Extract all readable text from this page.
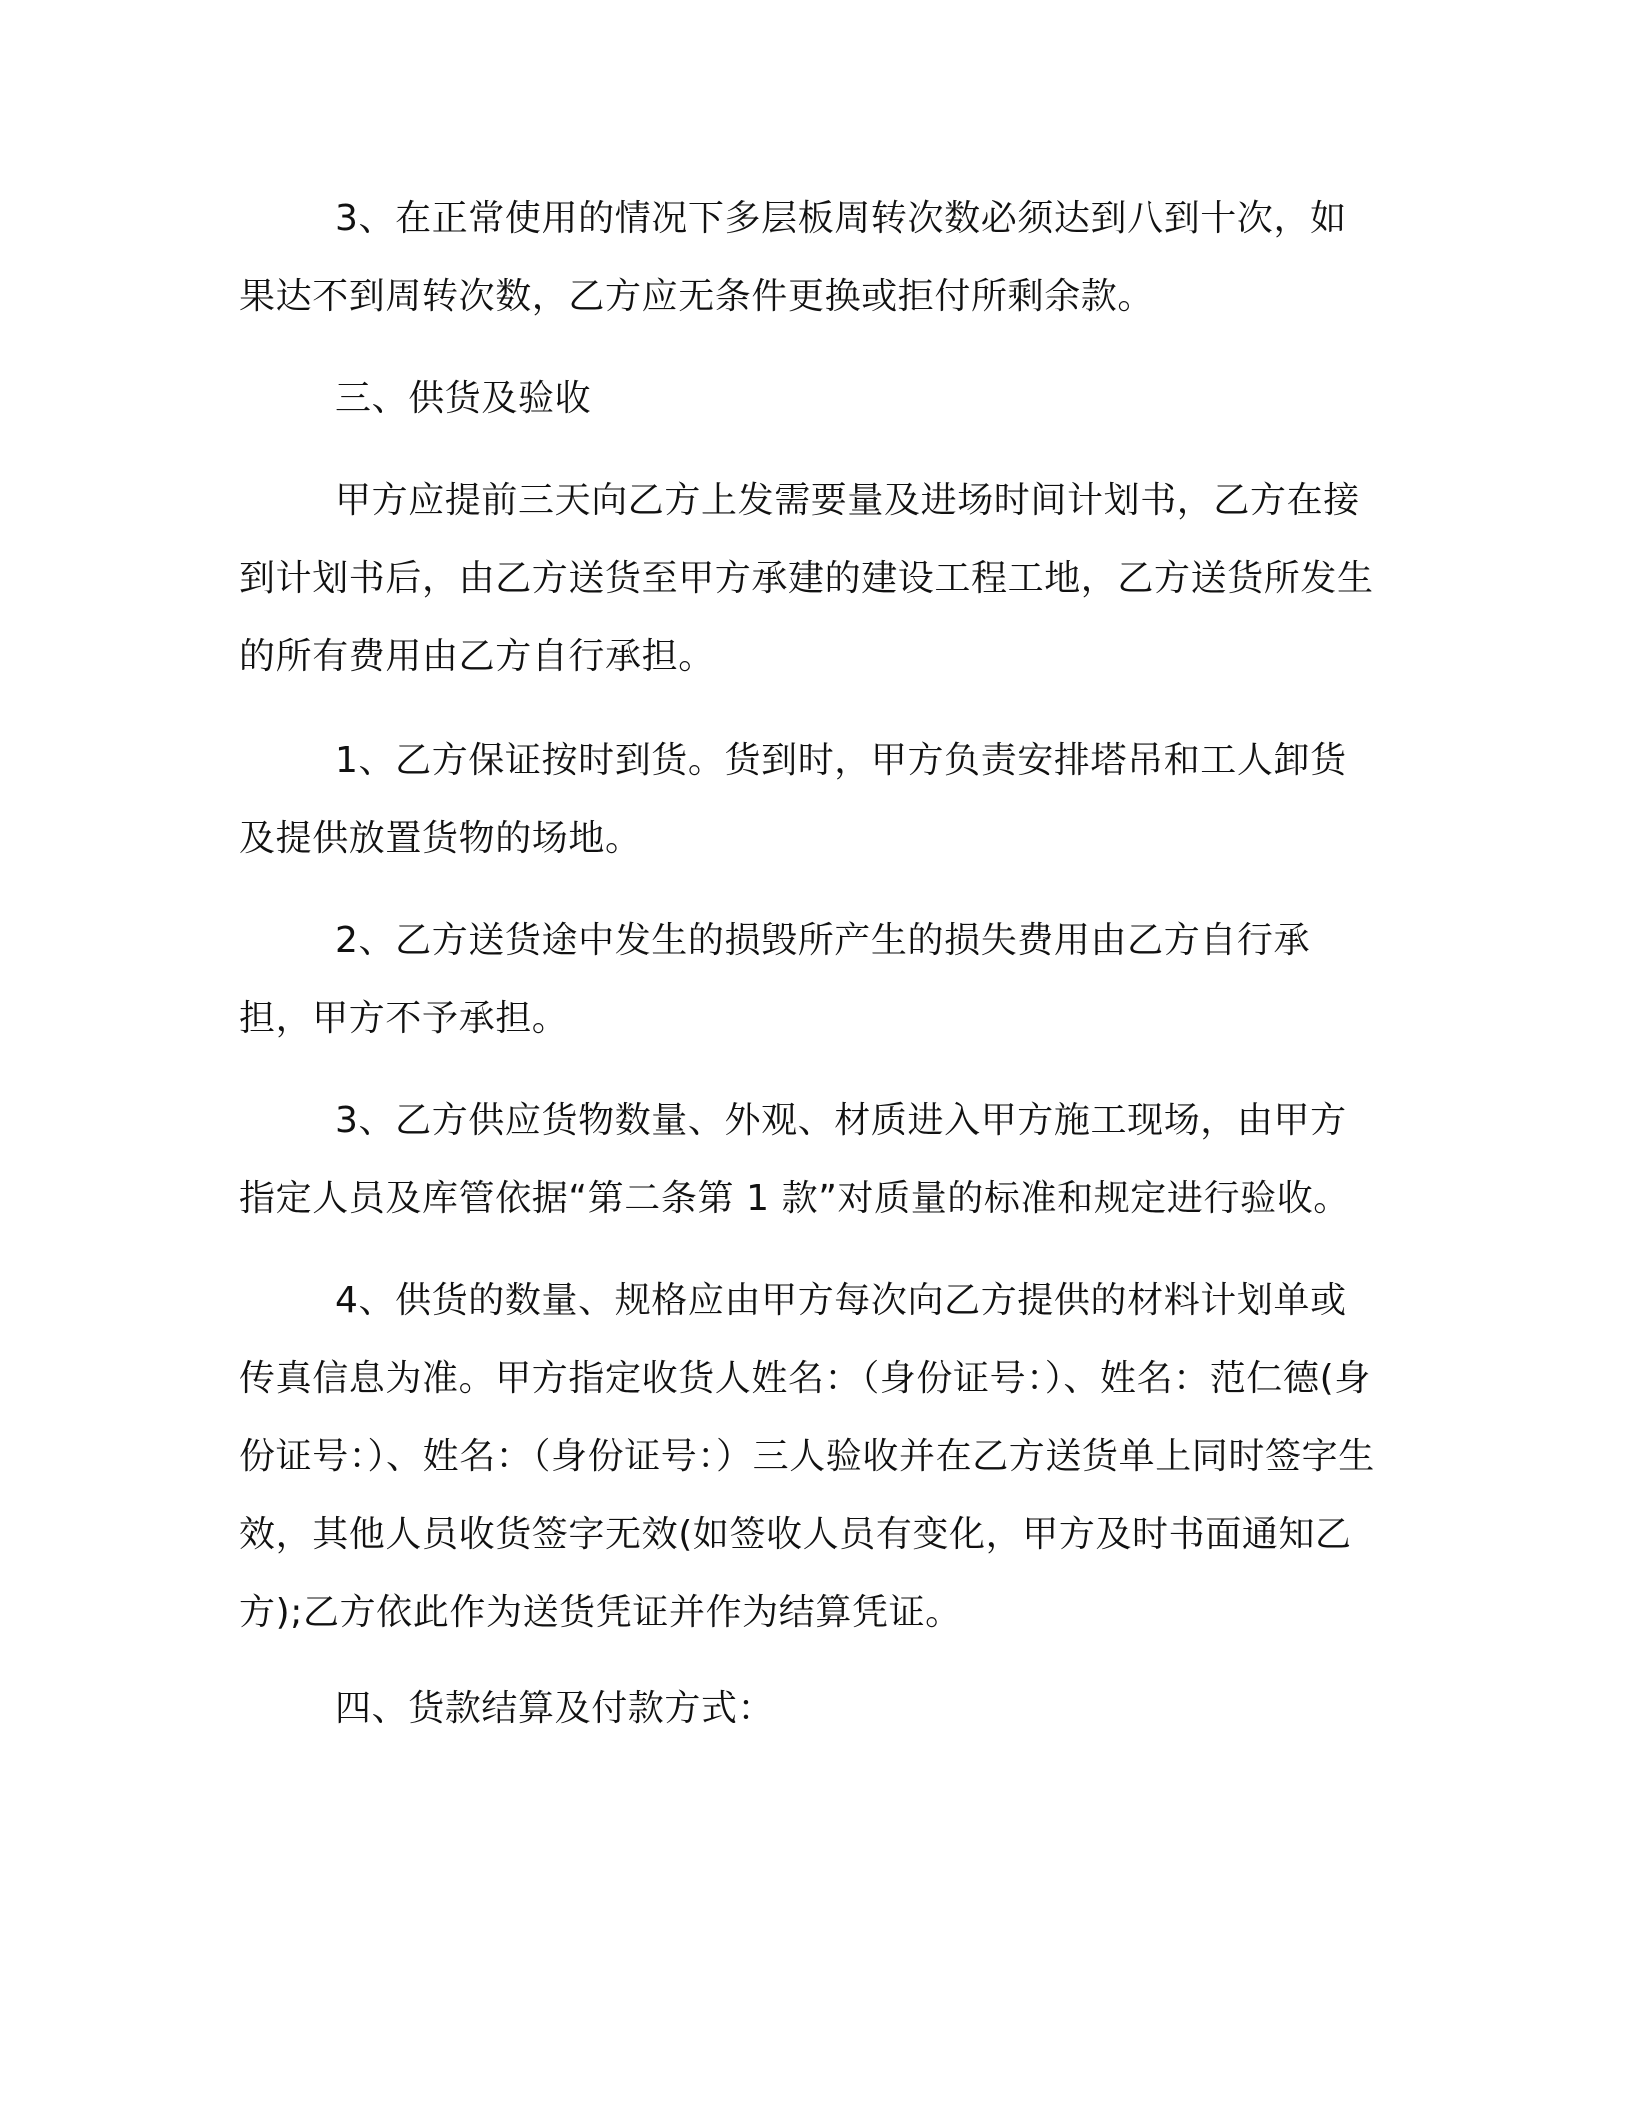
3、在正常使用的情况下多层板周转次数必须达到八到十次，如果达不到周转次数，乙方应无条件更换或拒付所剩余款。

三、供货及验收

甲方应提前三天向乙方上发需要量及进场时间计划书，乙方在接到计划书后，由乙方送货至甲方承建的建设工程工地，乙方送货所发生的所有费用由乙方自行承担。

1、乙方保证按时到货。货到时，甲方负责安排塔吊和工人卸货及提供放置货物的场地。

2、乙方送货途中发生的损毁所产生的损失费用由乙方自行承担，甲方不予承担。

3、乙方供应货物数量、外观、材质进入甲方施工现场，由甲方指定人员及库管依据“第二条第 1 款”对质量的标准和规定进行验收。

4、供货的数量、规格应由甲方每次向乙方提供的材料计划单或传真信息为准。甲方指定收货人姓名：（身份证号：）、姓名：范仁德(身份证号：）、姓名：（身份证号：）三人验收并在乙方送货单上同时签字生效，其他人员收货签字无效(如签收人员有变化，甲方及时书面通知乙方);乙方依此作为送货凭证并作为结算凭证。

四、货款结算及付款方式：
